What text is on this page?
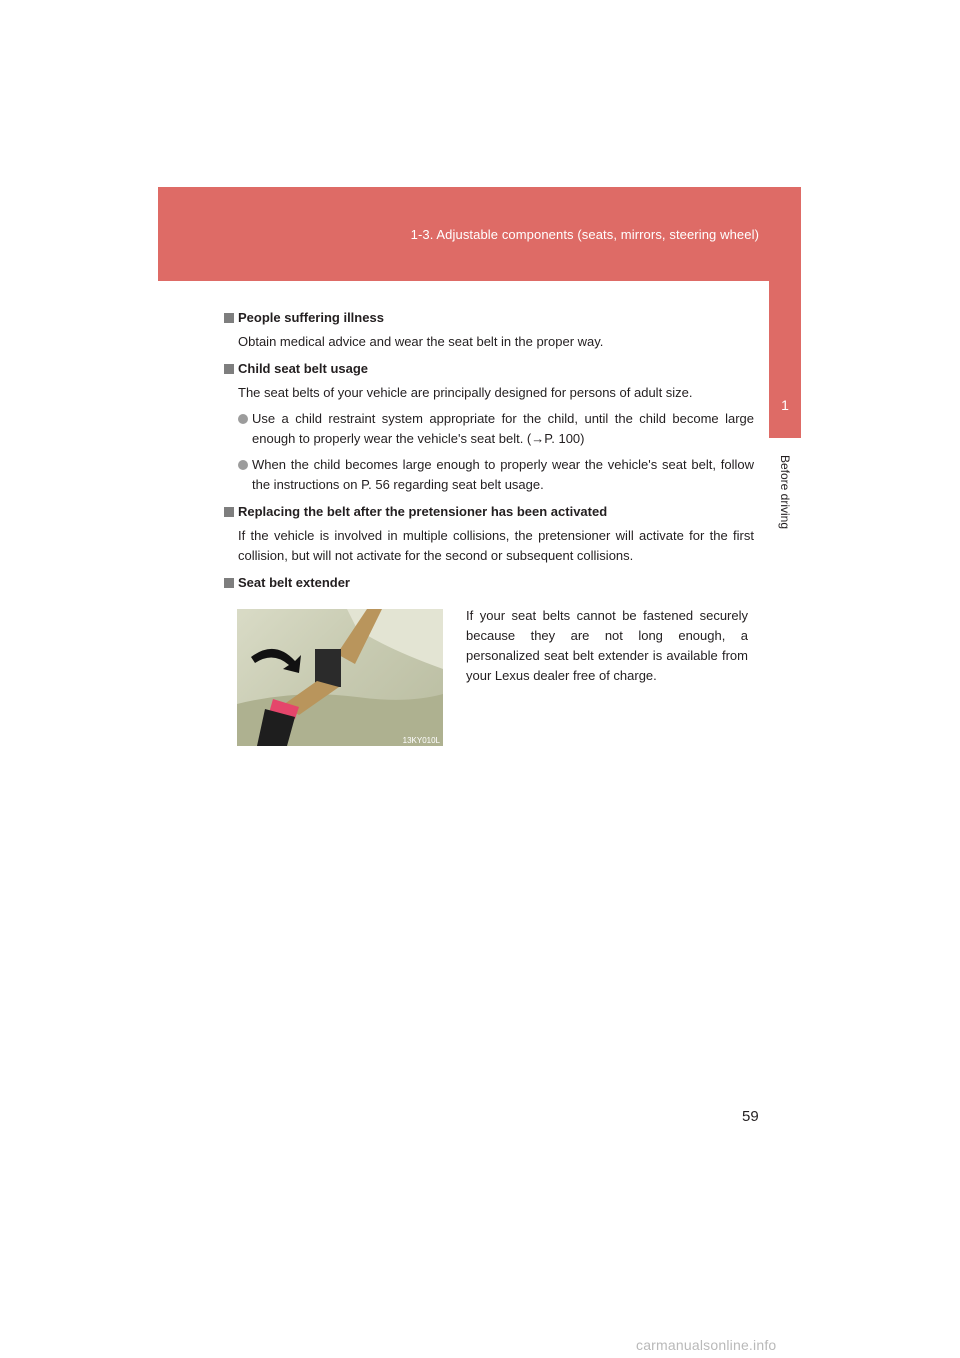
1-3. Adjustable components (seats, mirrors, steering wheel)
1
Before driving

People suffering illness

Obtain medical advice and wear the seat belt in the proper way.

Child seat belt usage

The seat belts of your vehicle are principally designed for persons of adult size.

Use a child restraint system appropriate for the child, until the child become large enough to properly wear the vehicle's seat belt. (→P. 100)
When the child becomes large enough to properly wear the vehicle's seat belt, follow the instructions on P. 56 regarding seat belt usage.

Replacing the belt after the pretensioner has been activated

If the vehicle is involved in multiple collisions, the pretensioner will activate for the first collision, but will not activate for the second or subsequent collisions.

Seat belt extender

13KY010L

If your seat belts cannot be fastened securely because they are not long enough, a personalized seat belt extender is available from your Lexus dealer free of charge.

59
carmanualsonline.info
